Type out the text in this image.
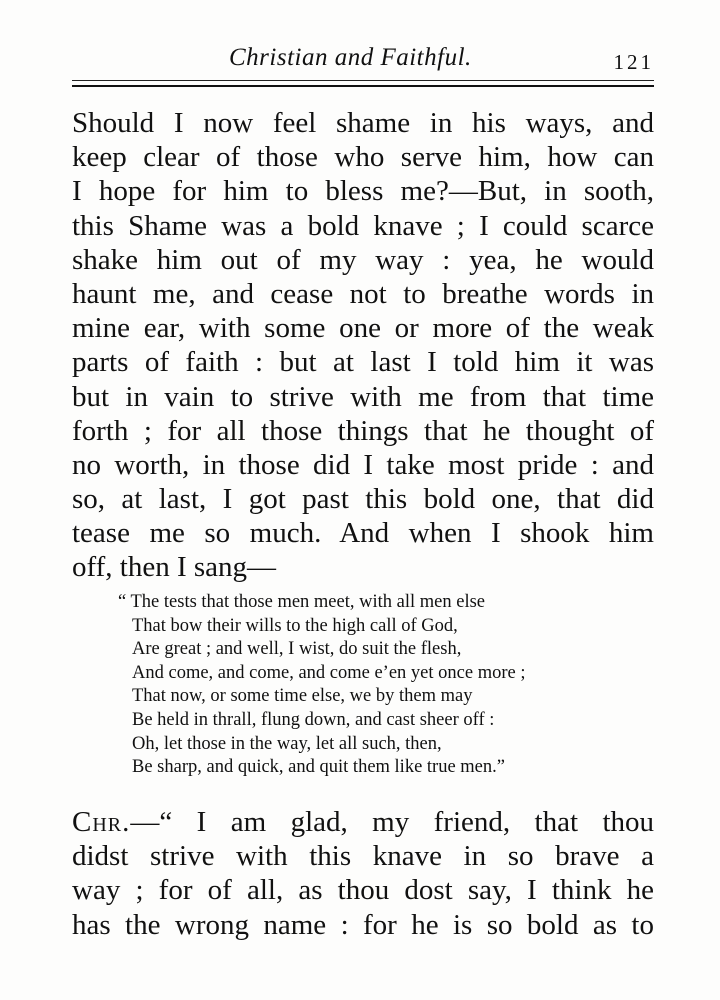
Christian and Faithful.	121

Should I now feel shame in his ways, and
keep clear of those who serve him, how can
I hope for him to bless me?—But, in sooth,
this Shame was a bold knave ; I could scarce
shake him out of my way : yea, he would
haunt me, and cease not to breathe words in
mine ear, with some one or more of the weak
parts of faith : but at last I told him it was
but in vain to strive with me from that time
forth ; for all those things that he thought of
no worth, in those did I take most pride : and
so, at last, I got past this bold one, that did
tease me so much. And when I shook him
off, then I sang—

“ The tests that those men meet, with all men else
That bow their wills to the high call of God,
Are great ; and well, I wist, do suit the flesh,
And come, and come, and come e’en yet once more ;
That now, or some time else, we by them may
Be held in thrall, flung down, and cast sheer off :
Oh, let those in the way, let all such, then,
Be sharp, and quick, and quit them like true men.”

Chr.—“ I am glad, my friend, that thou
didst strive with this knave in so brave a
way ; for of all, as thou dost say, I think he
has the wrong name : for he is so bold as to
